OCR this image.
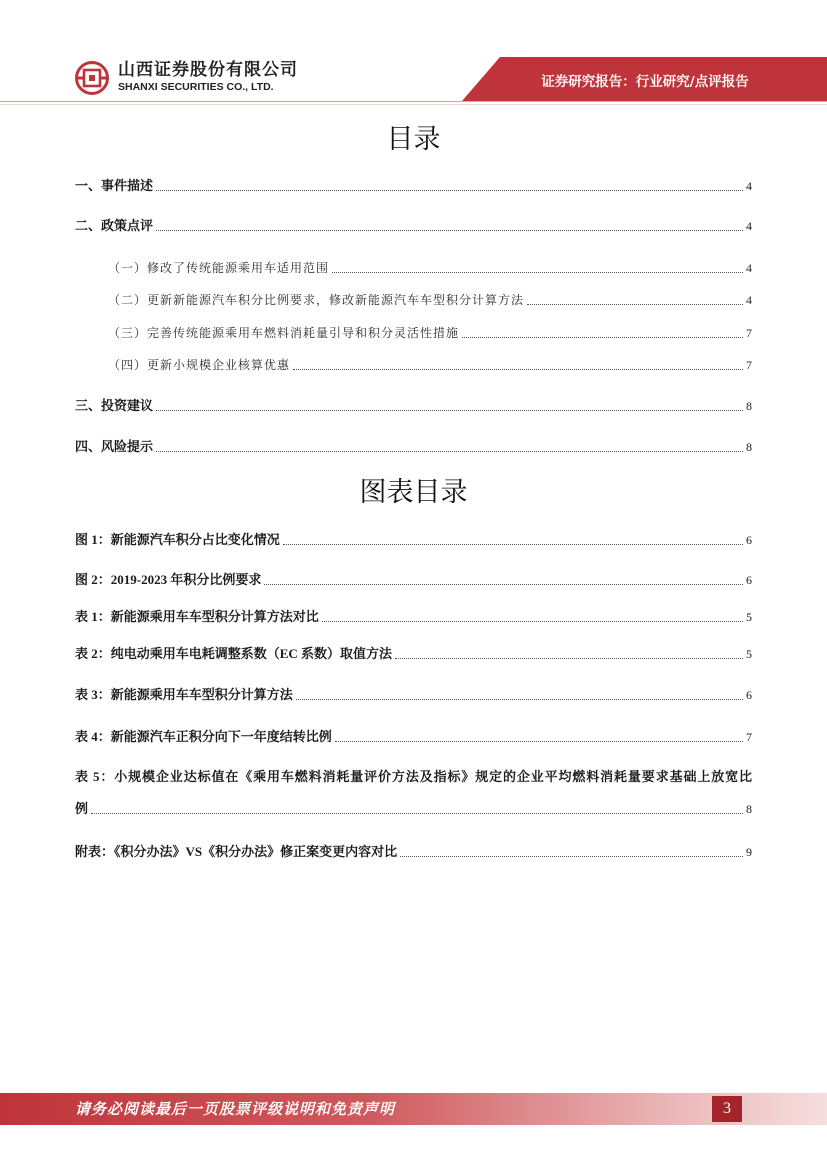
山西证券股份有限公司
SHANXI SECURITIES CO., LTD.	证券研究报告：行业研究/点评报告
目录
一、事件描述	4
二、政策点评	4
（一）修改了传统能源乘用车适用范围	4
（二）更新新能源汽车积分比例要求，修改新能源汽车车型积分计算方法	4
（三）完善传统能源乘用车燃料消耗量引导和积分灵活性措施	7
（四）更新小规模企业核算优惠	7
三、投资建议	8
四、风险提示	8
图表目录
图 1：新能源汽车积分占比变化情况	6
图 2：2019-2023 年积分比例要求	6
表 1：新能源乘用车车型积分计算方法对比	5
表 2：纯电动乘用车电耗调整系数（EC 系数）取值方法	5
表 3：新能源乘用车车型积分计算方法	6
表 4：新能源汽车正积分向下一年度结转比例	7
表 5：小规模企业达标值在《乘用车燃料消耗量评价方法及指标》规定的企业平均燃料消耗量要求基础上放宽比
例	8
附表：《积分办法》VS《积分办法》修正案变更内容对比	9
请务必阅读最后一页股票评级说明和免责声明	3
